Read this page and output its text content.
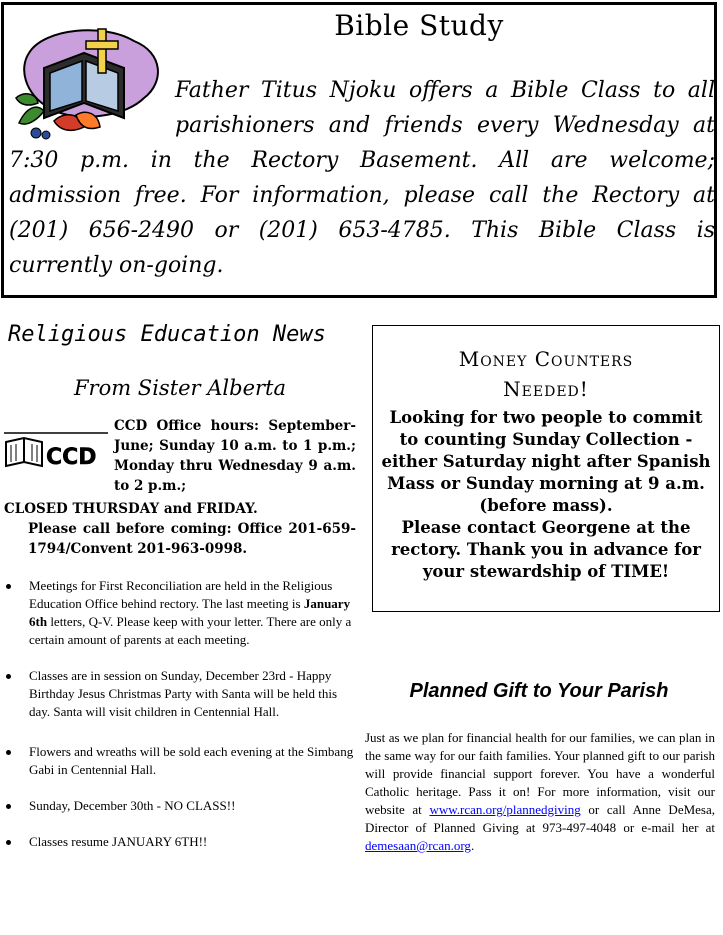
Bible Study
Father Titus Njoku offers a Bible Class to all parishioners and friends every Wednesday at 7:30 p.m. in the Rectory Basement. All are welcome; admission free. For information, please call the Rectory at (201) 656-2490 or (201) 653-4785. This Bible Class is currently on-going.
Religious Education News
From Sister Alberta
CCD
CCD Office hours: September-June; Sunday 10 a.m. to 1 p.m.; Monday thru Wednesday 9 a.m. to 2 p.m.;
CLOSED THURSDAY and FRIDAY.
Please call before coming: Office 201-659-1794/Convent 201-963-0998.
Meetings for First Reconciliation are held in the Religious Education Office behind rectory. The last meeting is January 6th letters, Q-V. Please keep with your letter. There are only a certain amount of parents at each meeting.
Classes are in session on Sunday, December 23rd - Happy Birthday Jesus Christmas Party with Santa will be held this day. Santa will visit children in Centennial Hall.
Flowers and wreaths will be sold each evening at the Simbang Gabi in Centennial Hall.
Sunday, December 30th - NO CLASS!!
Classes resume JANUARY 6TH!!
Money Counters
Needed!
Looking for two people to commit to counting Sunday Collection - either Saturday night after Spanish Mass or Sunday morning at 9 a.m. (before mass).
Please contact Georgene at the rectory. Thank you in advance for your stewardship of TIME!
Planned Gift to Your Parish
Just as we plan for financial health for our families, we can plan in the same way for our faith families. Your planned gift to our parish will provide financial support forever. You have a wonderful Catholic heritage. Pass it on! For more information, visit our website at www.rcan.org/plannedgiving or call Anne DeMesa, Director of Planned Giving at 973-497-4048 or e-mail her at demesaan@rcan.org.
